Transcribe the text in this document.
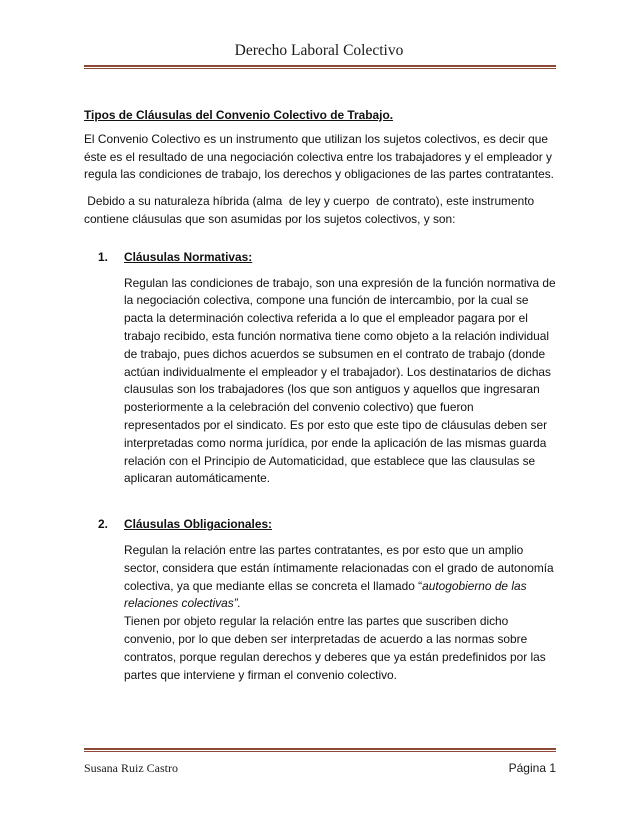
Derecho Laboral Colectivo
Tipos de Cláusulas del Convenio Colectivo de Trabajo.
El Convenio Colectivo es un instrumento que utilizan los sujetos colectivos, es decir que
éste es el resultado de una negociación colectiva entre los trabajadores y el empleador y
regula las condiciones de trabajo, los derechos y obligaciones de las partes contratantes.
Debido a su naturaleza híbrida (alma  de ley y cuerpo  de contrato), este instrumento
contiene cláusulas que son asumidas por los sujetos colectivos, y son:
1. Cláusulas Normativas:
Regulan las condiciones de trabajo, son una expresión de la función normativa de
la negociación colectiva, compone una función de intercambio, por la cual se
pacta la determinación colectiva referida a lo que el empleador pagara por el
trabajo recibido, esta función normativa tiene como objeto a la relación individual
de trabajo, pues dichos acuerdos se subsumen en el contrato de trabajo (donde
actúan individualmente el empleador y el trabajador). Los destinatarios de dichas
clausulas son los trabajadores (los que son antiguos y aquellos que ingresaran
posteriormente a la celebración del convenio colectivo) que fueron
representados por el sindicato. Es por esto que este tipo de cláusulas deben ser
interpretadas como norma jurídica, por ende la aplicación de las mismas guarda
relación con el Principio de Automaticidad, que establece que las clausulas se
aplicaran automáticamente.
2. Cláusulas Obligacionales:
Regulan la relación entre las partes contratantes, es por esto que un amplio
sector, considera que están íntimamente relacionadas con el grado de autonomía
colectiva, ya que mediante ellas se concreta el llamado “autogobierno de las
relaciones colectivas”.
Tienen por objeto regular la relación entre las partes que suscriben dicho
convenio, por lo que deben ser interpretadas de acuerdo a las normas sobre
contratos, porque regulan derechos y deberes que ya están predefinidos por las
partes que interviene y firman el convenio colectivo.
Susana Ruiz Castro	Página 1
